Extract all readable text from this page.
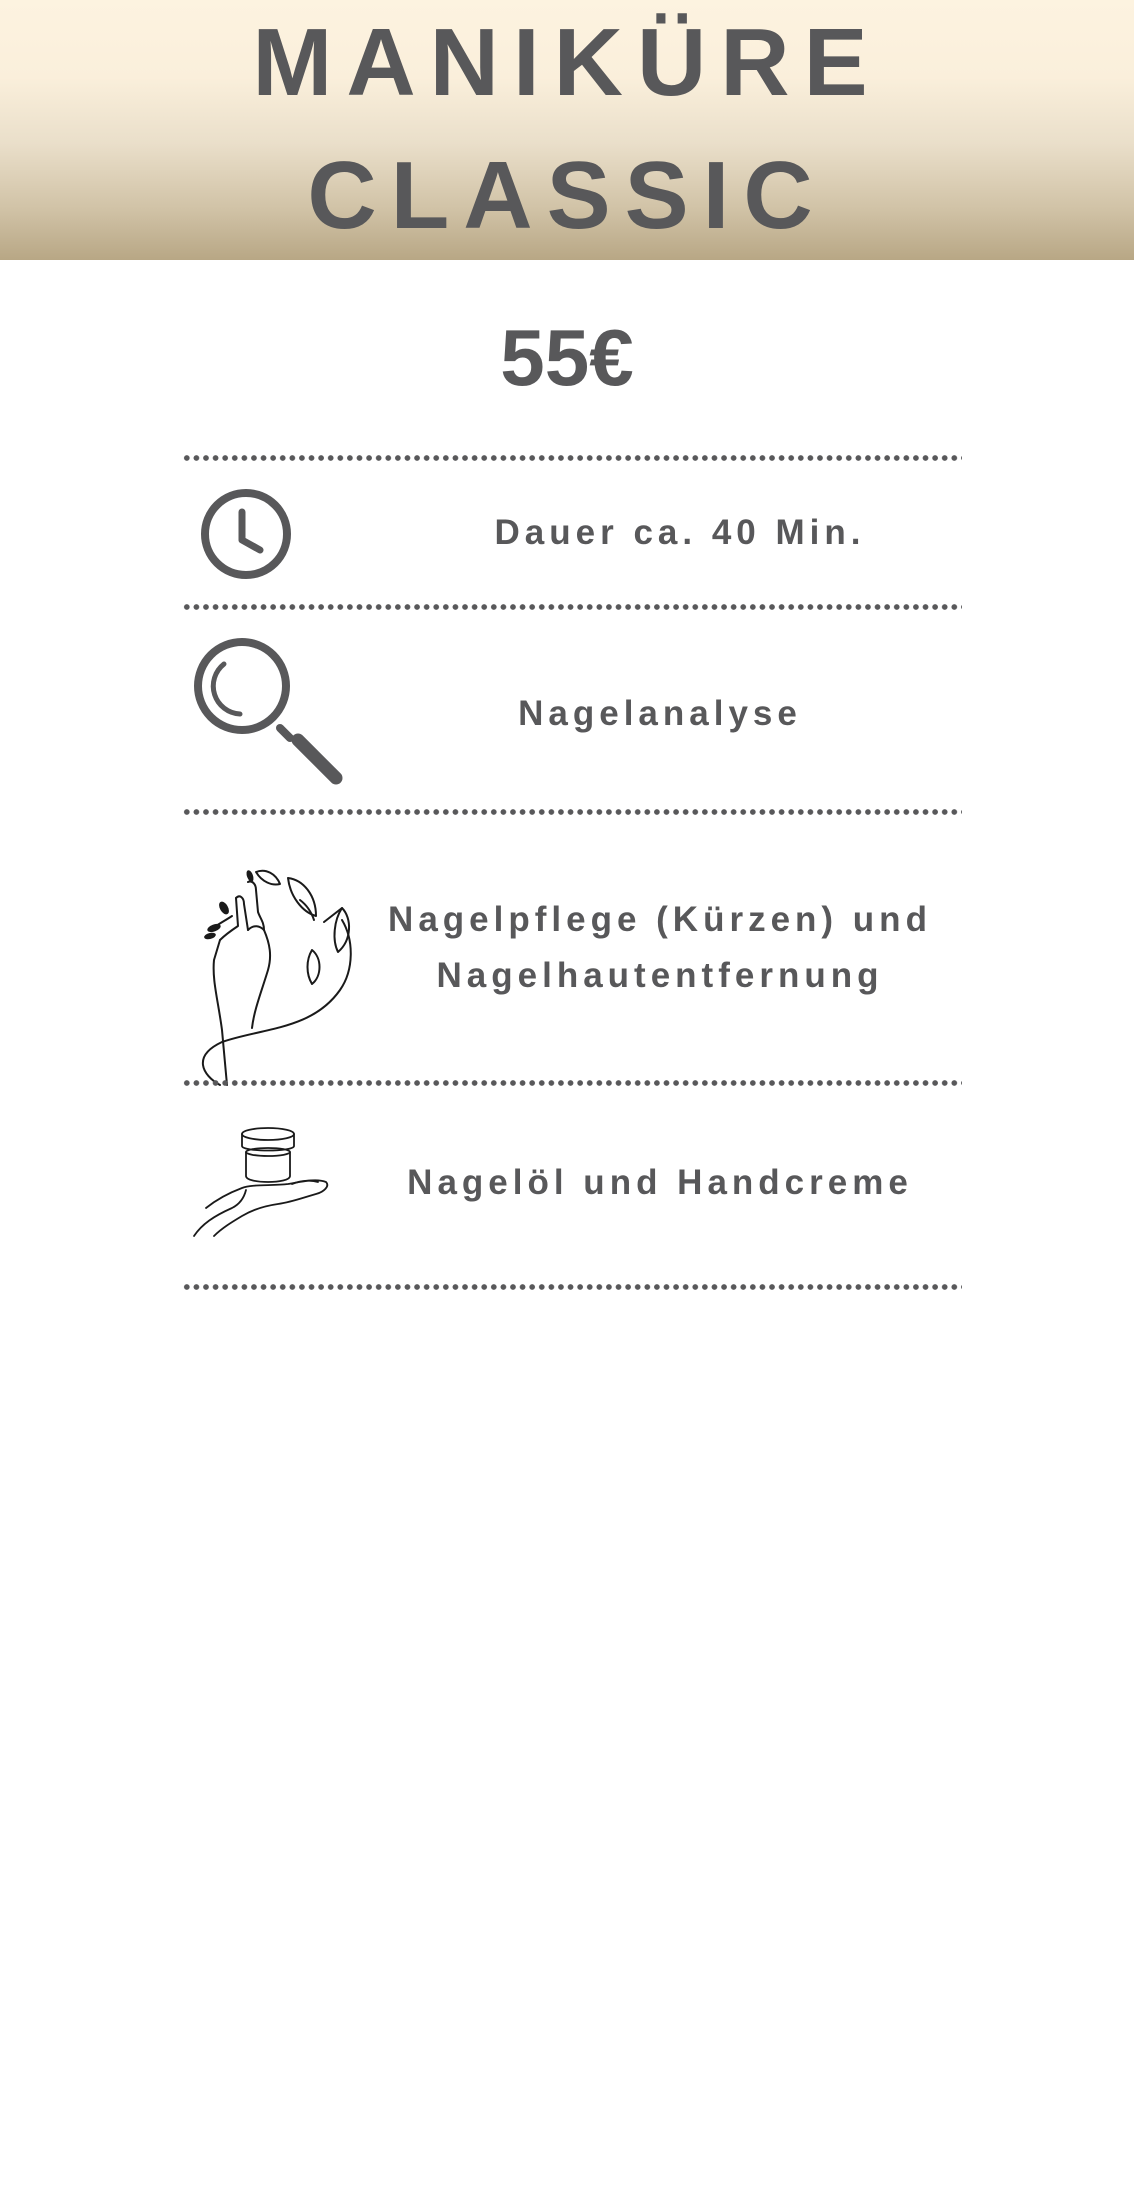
MANIKÜRE
CLASSIC
55€
Dauer ca. 40 Min.
Nagelanalyse
Nagelpflege (Kürzen) und
Nagelhautentfernung
Nagelöl und Handcreme
